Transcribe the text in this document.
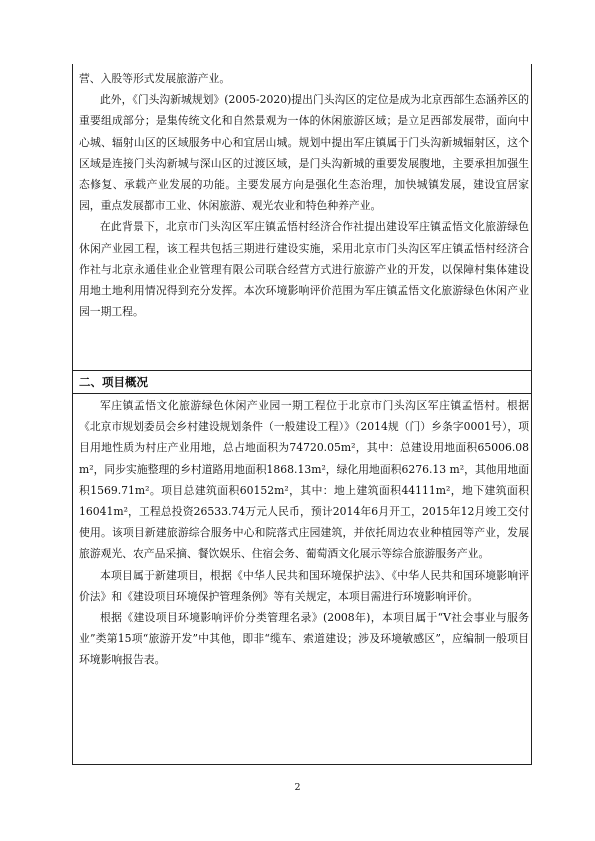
营、入股等形式发展旅游产业。

此外，《门头沟新城规划》(2005-2020)提出门头沟区的定位是成为北京西部生态涵养区的重要组成部分；是集传统文化和自然景观为一体的休闲旅游区域；是立足西部发展带，面向中心城、辐射山区的区域服务中心和宜居山城。规划中提出军庄镇属于门头沟新城辐射区，这个区域是连接门头沟新城与深山区的过渡区域，是门头沟新城的重要发展腹地，主要承担加强生态修复、承载产业发展的功能。主要发展方向是强化生态治理，加快城镇发展，建设宜居家园，重点发展都市工业、休闲旅游、观光农业和特色种养产业。

在此背景下，北京市门头沟区军庄镇孟悟村经济合作社提出建设军庄镇孟悟文化旅游绿色休闲产业园工程，该工程共包括三期进行建设实施，采用北京市门头沟区军庄镇孟悟村经济合作社与北京永通佳业企业管理有限公司联合经营方式进行旅游产业的开发，以保障村集体建设用地土地利用情况得到充分发挥。本次环境影响评价范围为军庄镇孟悟文化旅游绿色休闲产业园一期工程。

二、项目概况

军庄镇孟悟文化旅游绿色休闲产业园一期工程位于北京市门头沟区军庄镇孟悟村。根据《北京市规划委员会乡村建设规划条件（一般建设工程）》（2014规（门）乡条字0001号），项目用地性质为村庄产业用地，总占地面积为74720.05m²，其中：总建设用地面积65006.08 m²，同步实施整理的乡村道路用地面积1868.13m²，绿化用地面积6276.13 m²，其他用地面积1569.71m²。项目总建筑面积60152m²，其中：地上建筑面积44111m²，地下建筑面积16041m²，工程总投资26533.74万元人民币，预计2014年6月开工，2015年12月竣工交付使用。该项目新建旅游综合服务中心和院落式庄园建筑，并依托周边农业种植园等产业，发展旅游观光、农产品采摘、餐饮娱乐、住宿会务、葡萄酒文化展示等综合旅游服务产业。

本项目属于新建项目，根据《中华人民共和国环境保护法》、《中华人民共和国环境影响评价法》和《建设项目环境保护管理条例》等有关规定，本项目需进行环境影响评价。

根据《建设项目环境影响评价分类管理名录》(2008年)，本项目属于“V社会事业与服务业”类第15项“旅游开发”中其他，即非“缆车、索道建设；涉及环境敏感区”，应编制一般项目环境影响报告表。

2
